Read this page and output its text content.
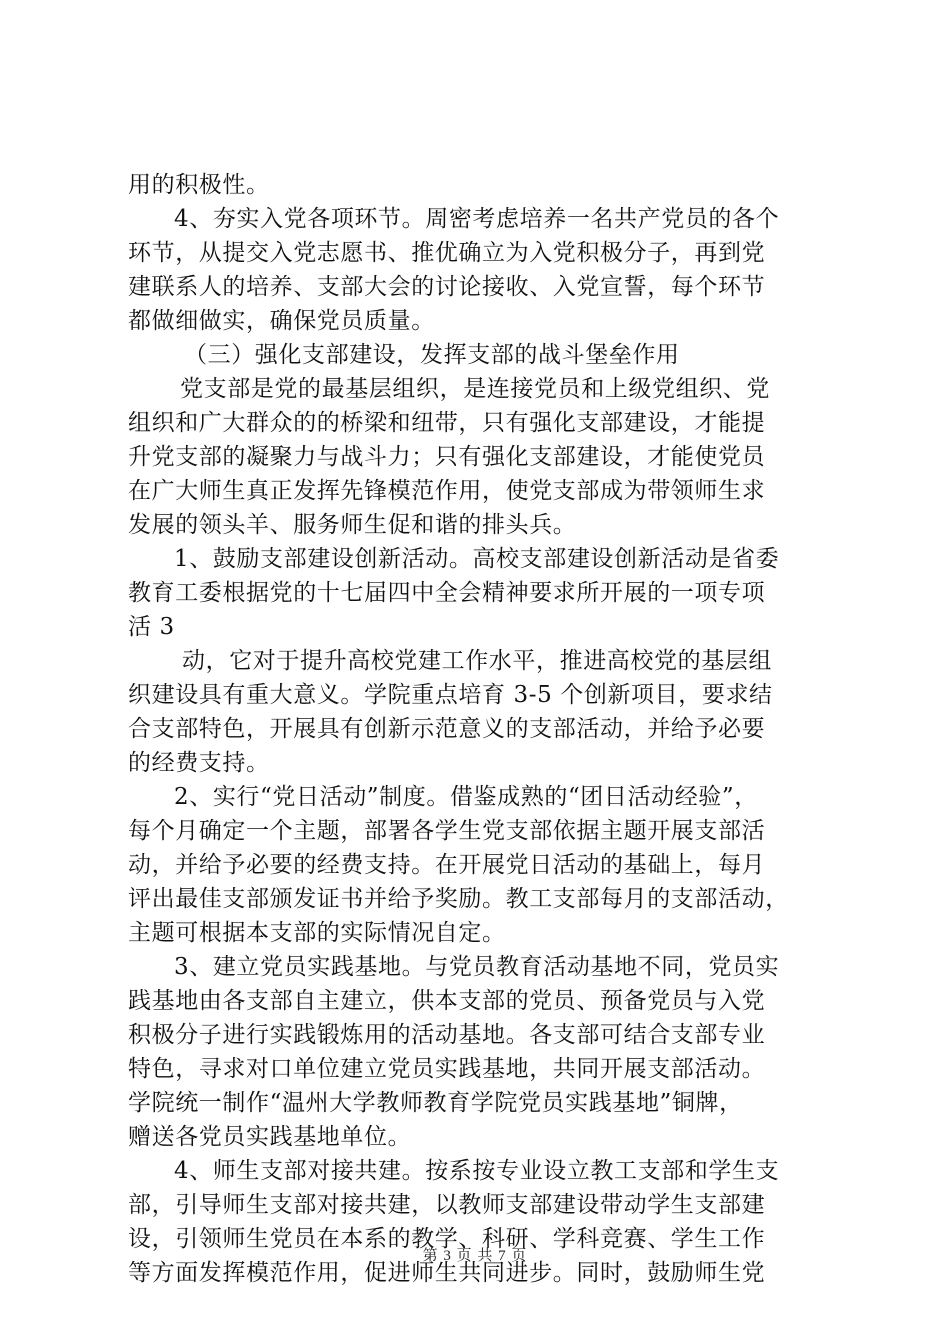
用的积极性。
4、夯实入党各项环节。周密考虑培养一名共产党员的各个
环节，从提交入党志愿书、推优确立为入党积极分子，再到党
建联系人的培养、支部大会的讨论接收、入党宣誓，每个环节
都做细做实，确保党员质量。
（三）强化支部建设，发挥支部的战斗堡垒作用
党支部是党的最基层组织，是连接党员和上级党组织、党
组织和广大群众的的桥梁和纽带，只有强化支部建设，才能提
升党支部的凝聚力与战斗力；只有强化支部建设，才能使党员
在广大师生真正发挥先锋模范作用，使党支部成为带领师生求
发展的领头羊、服务师生促和谐的排头兵。
1、鼓励支部建设创新活动。高校支部建设创新活动是省委
教育工委根据党的十七届四中全会精神要求所开展的一项专项
活 3
动，它对于提升高校党建工作水平，推进高校党的基层组
织建设具有重大意义。学院重点培育 3-5 个创新项目，要求结
合支部特色，开展具有创新示范意义的支部活动，并给予必要
的经费支持。
2、实行“党日活动”制度。借鉴成熟的“团日活动经验”，
每个月确定一个主题，部署各学生党支部依据主题开展支部活
动，并给予必要的经费支持。在开展党日活动的基础上，每月
评出最佳支部颁发证书并给予奖励。教工支部每月的支部活动，
主题可根据本支部的实际情况自定。
3、建立党员实践基地。与党员教育活动基地不同，党员实
践基地由各支部自主建立，供本支部的党员、预备党员与入党
积极分子进行实践锻炼用的活动基地。各支部可结合支部专业
特色，寻求对口单位建立党员实践基地，共同开展支部活动。
学院统一制作“温州大学教师教育学院党员实践基地”铜牌，
赠送各党员实践基地单位。
4、师生支部对接共建。按系按专业设立教工支部和学生支
部，引导师生支部对接共建，以教师支部建设带动学生支部建
设，引领师生党员在本系的教学、科研、学科竞赛、学生工作
等方面发挥模范作用，促进师生共同进步。同时，鼓励师生党
第 3 页 共 7 页
